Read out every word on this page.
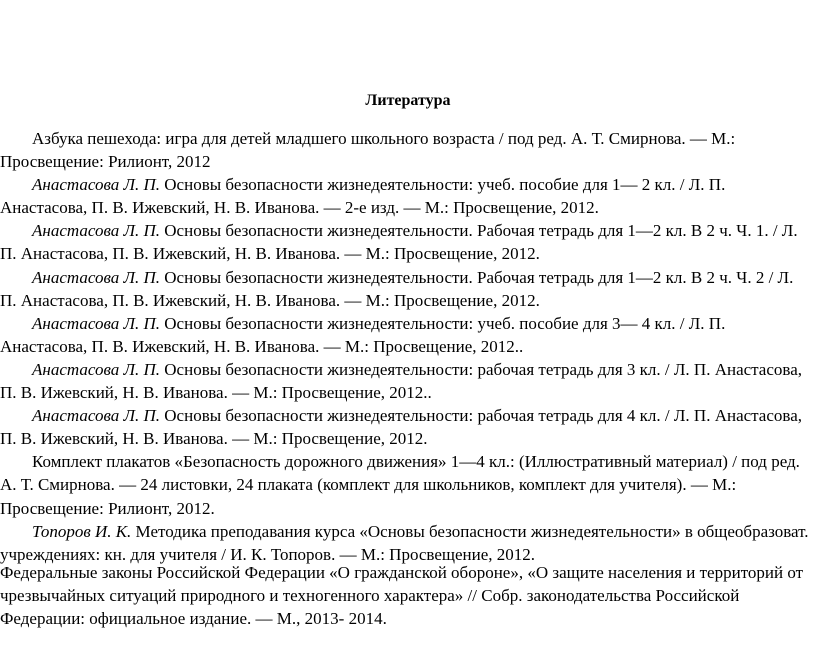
Литература

Азбука пешехода: игра для детей младшего школьного возраста / под ред. А. Т. Смирнова. — М.: Просвещение: Рилионт, 2012

Анастасова Л. П. Основы безопасности жизнедеятельности: учеб. пособие для 1— 2 кл. / Л. П. Анастасова, П. В. Ижевский, Н. В. Иванова. — 2-е изд. — М.: Просвещение, 2012.

Анастасова Л. П. Основы безопасности жизнедеятельности. Рабочая тетрадь для 1—2 кл. В 2 ч. Ч. 1. / Л. П. Анастасова, П. В. Ижевский, Н. В. Иванова. — М.: Просвещение, 2012.

Анастасова Л. П. Основы безопасности жизнедеятельности. Рабочая тетрадь для 1—2 кл. В 2 ч. Ч. 2 / Л. П. Анастасова, П. В. Ижевский, Н. В. Иванова. — М.: Просвещение, 2012.

Анастасова Л. П. Основы безопасности жизнедеятельности: учеб. пособие для 3— 4 кл. / Л. П. Анастасова, П. В. Ижевский, Н. В. Иванова. — М.: Просвещение, 2012..

Анастасова Л. П. Основы безопасности жизнедеятельности: рабочая тетрадь для 3 кл. / Л. П. Анастасова, П. В. Ижевский, Н. В. Иванова. — М.: Просвещение, 2012..

Анастасова Л. П. Основы безопасности жизнедеятельности: рабочая тетрадь для 4 кл. / Л. П. Анастасова, П. В. Ижевский, Н. В. Иванова. — М.: Просвещение, 2012.

Комплект плакатов «Безопасность дорожного движения» 1—4 кл.: (Иллюстративный материал) / под ред. А. Т. Смирнова. — 24 листовки, 24 плаката (комплект для школьников, комплект для учителя). — М.: Просвещение: Рилионт, 2012.

Топоров И. К. Методика преподавания курса «Основы безопасности жизнедеятельности» в общеобразоват. учреждениях: кн. для учителя / И. К. Топоров. — М.: Просвещение, 2012.

Федеральные законы Российской Федерации «О гражданской обороне», «О защите населения и территорий от чрезвычайных ситуаций природного и техногенного характера» // Собр. законодательства Российской Федерации: официальное издание. — М., 2013- 2014.
